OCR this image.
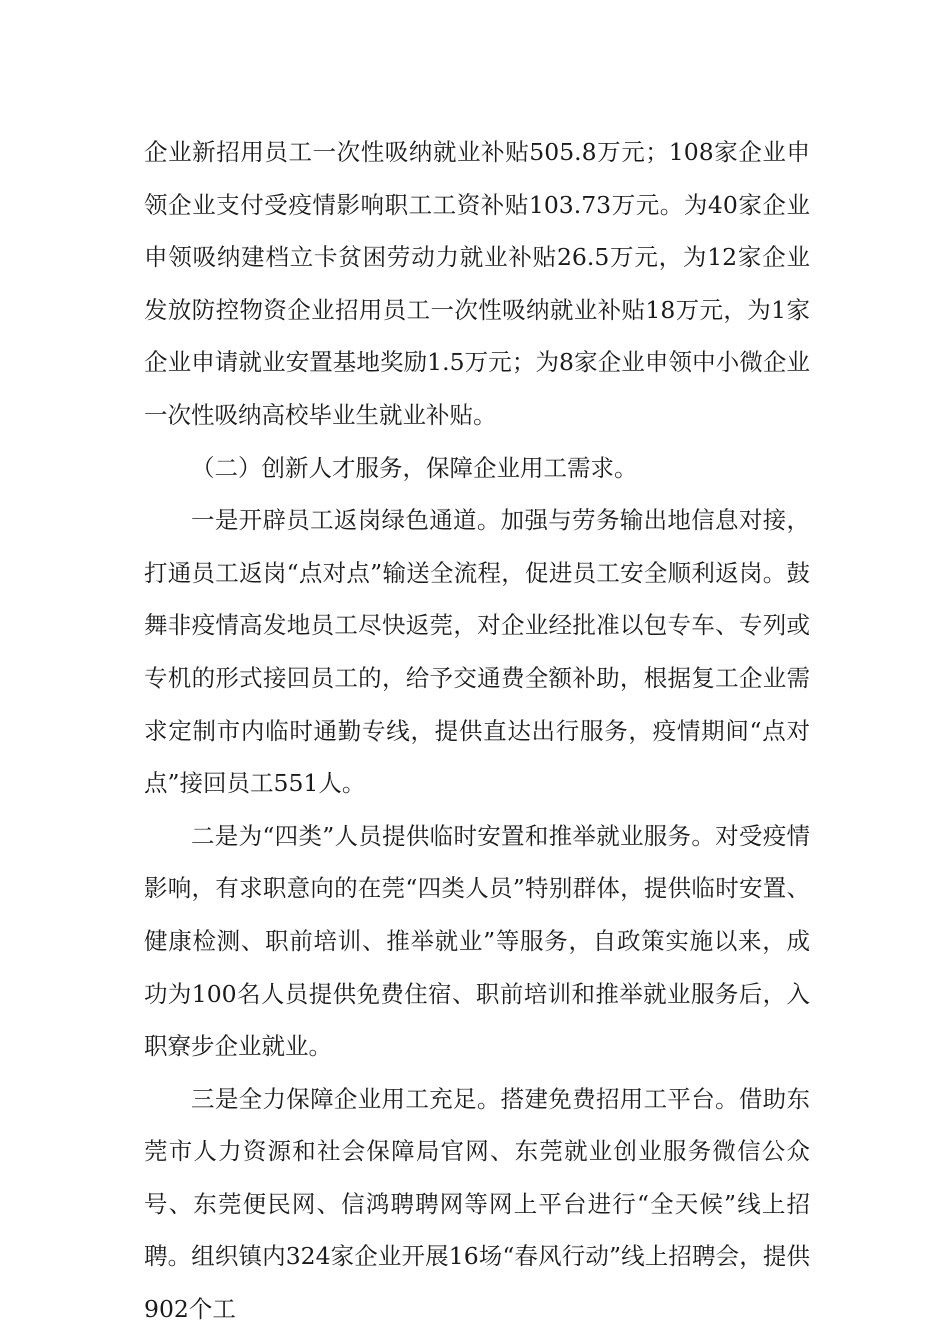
企业新招用员工一次性吸纳就业补贴505.8万元；108家企业申领企业支付受疫情影响职工工资补贴103.73万元。为40家企业申领吸纳建档立卡贫困劳动力就业补贴26.5万元，为12家企业发放防控物资企业招用员工一次性吸纳就业补贴18万元，为1家企业申请就业安置基地奖励1.5万元；为8家企业申领中小微企业一次性吸纳高校毕业生就业补贴。

（二）创新人才服务，保障企业用工需求。

一是开辟员工返岗绿色通道。加强与劳务输出地信息对接，打通员工返岗“点对点”输送全流程，促进员工安全顺利返岗。鼓舞非疫情高发地员工尽快返莞，对企业经批准以包专车、专列或专机的形式接回员工的，给予交通费全额补助，根据复工企业需求定制市内临时通勤专线，提供直达出行服务，疫情期间“点对点”接回员工551人。

二是为“四类”人员提供临时安置和推举就业服务。对受疫情影响，有求职意向的在莞“四类人员”特别群体，提供临时安置、健康检测、职前培训、推举就业”等服务，自政策实施以来，成功为100名人员提供免费住宿、职前培训和推举就业服务后，入职寮步企业就业。

三是全力保障企业用工充足。搭建免费招用工平台。借助东莞市人力资源和社会保障局官网、东莞就业创业服务微信公众号、东莞便民网、信鸿聘聘网等网上平台进行“全天候”线上招聘。组织镇内324家企业开展16场“春风行动”线上招聘会，提供902个工
